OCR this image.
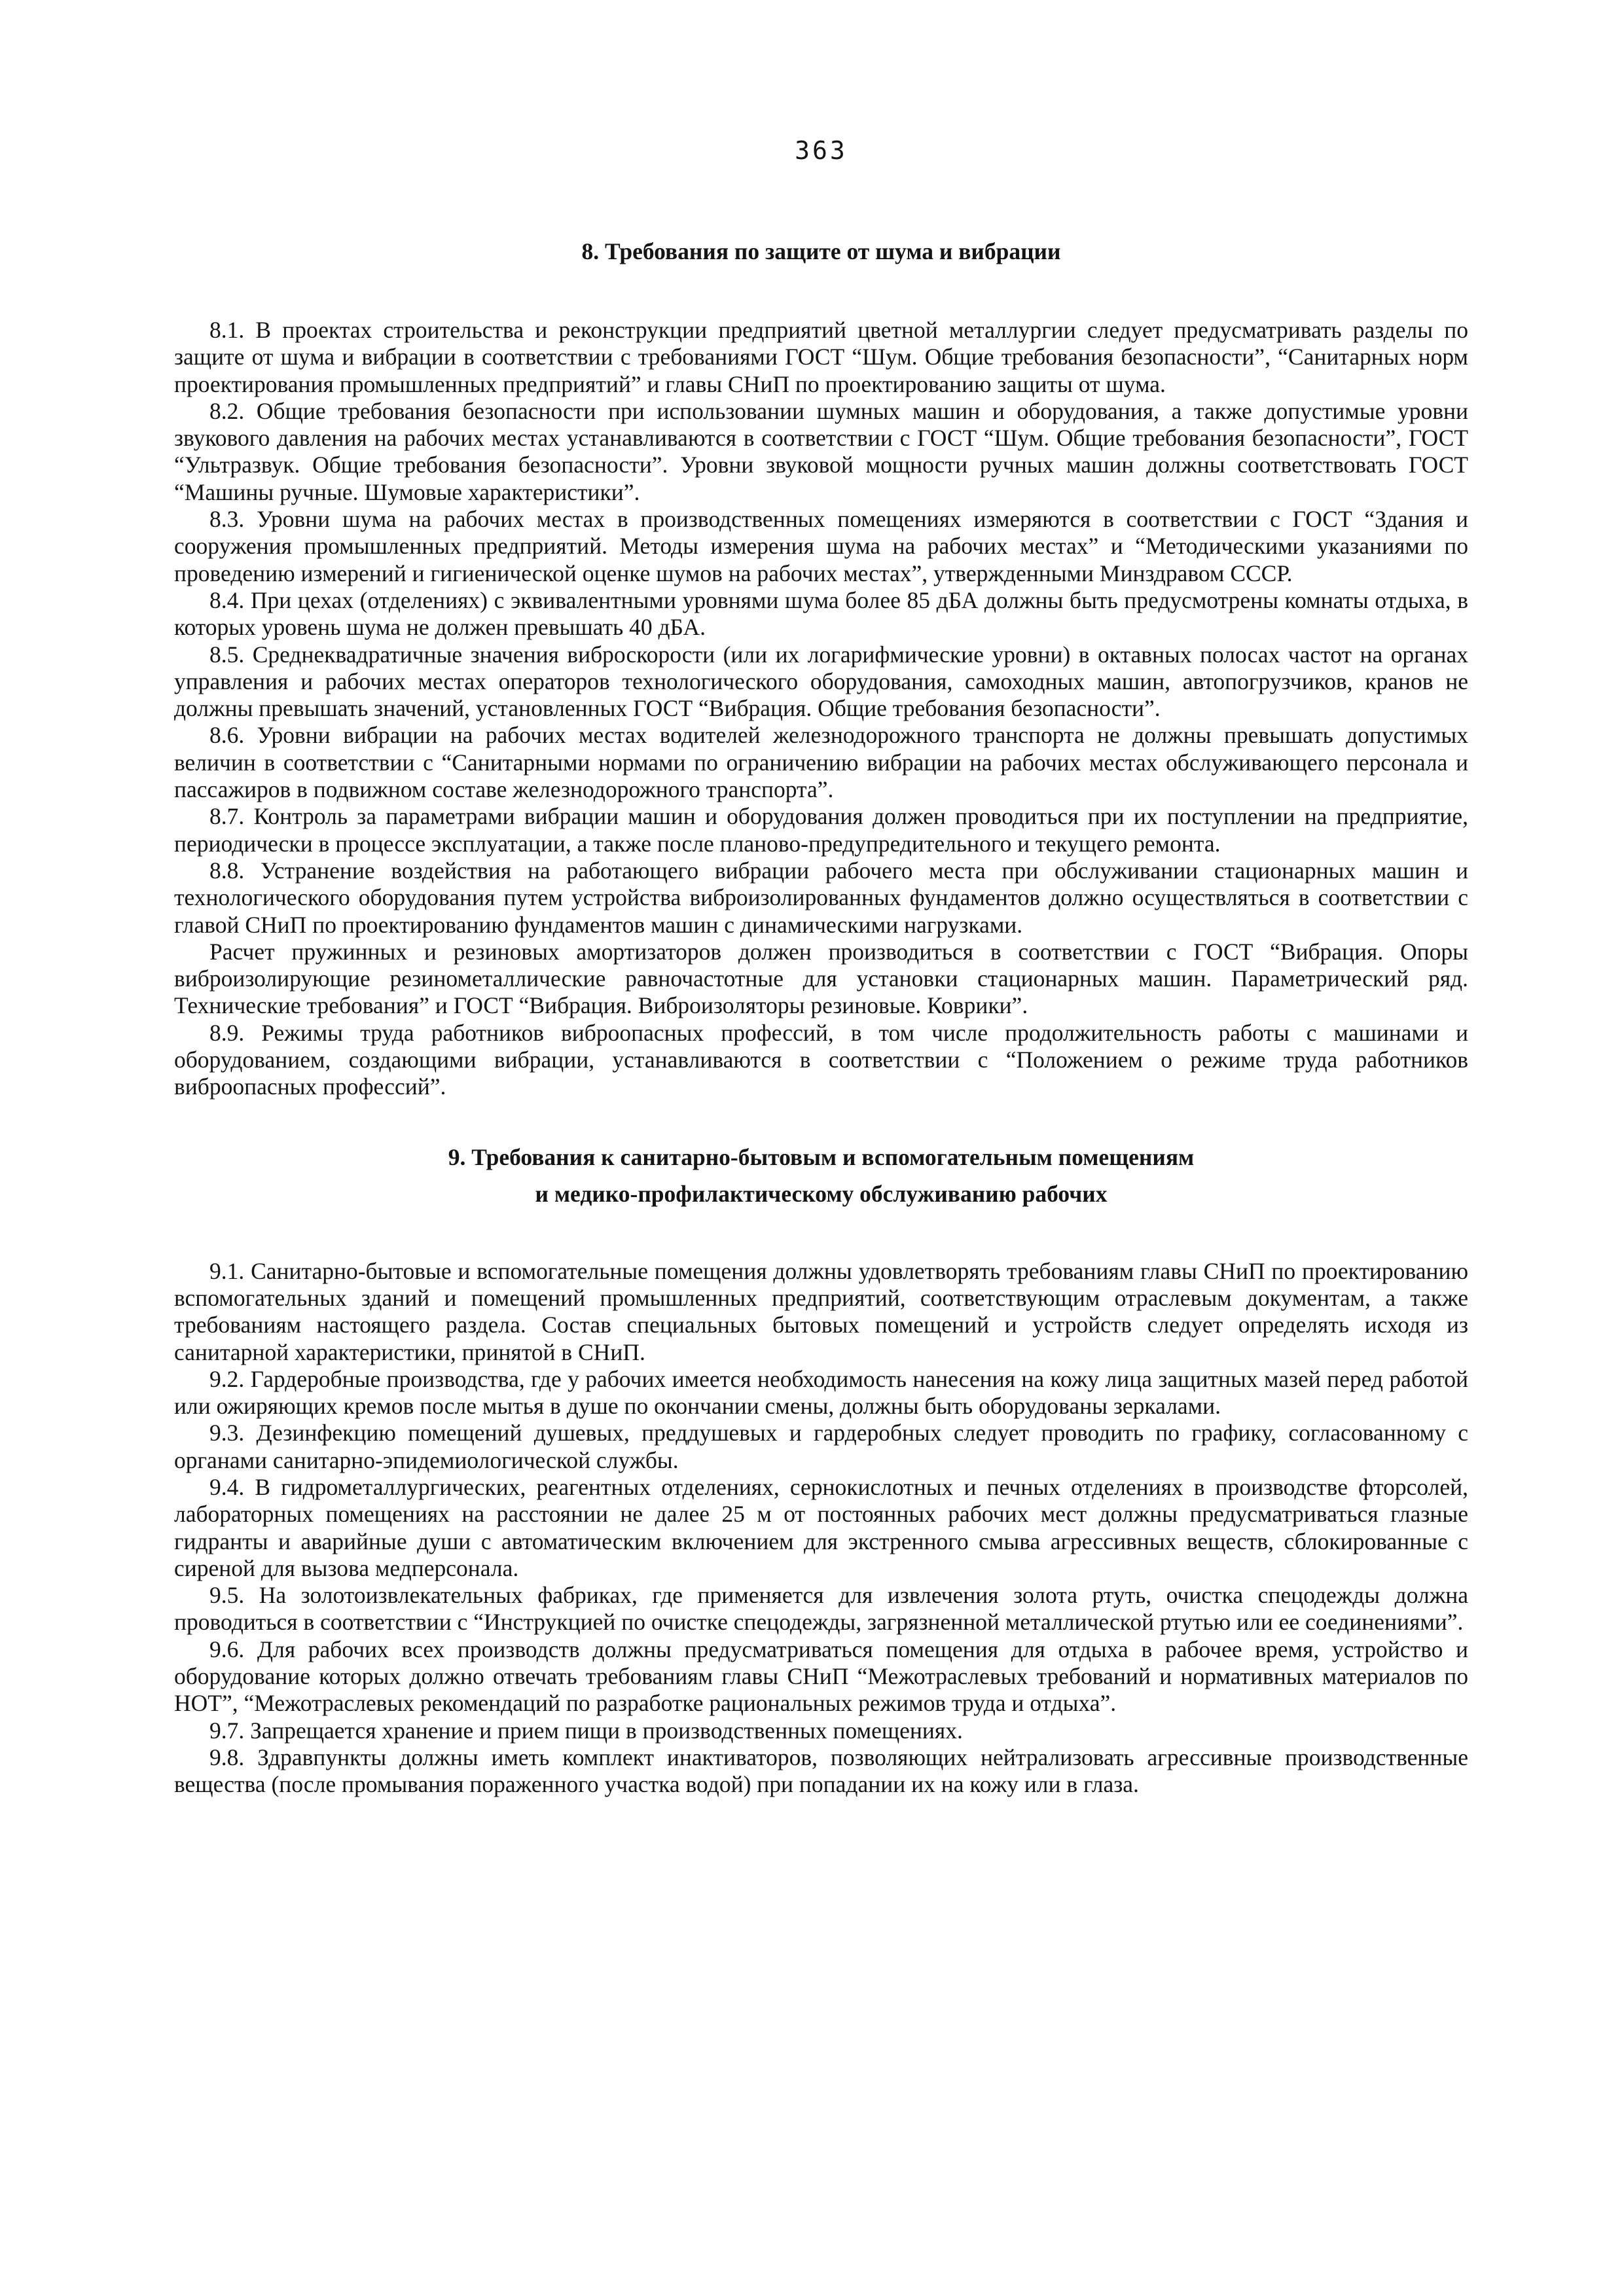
363
8. Требования по защите от шума и вибрации

8.1. В проектах строительства и реконструкции предприятий цветной металлургии следует предусматривать разделы по защите от шума и вибрации в соответствии с требованиями ГОСТ “Шум. Общие требования безопасности”, “Санитарных норм проектирования промышленных предприятий” и главы СНиП по проектированию защиты от шума.

8.2. Общие требования безопасности при использовании шумных машин и оборудования, а также допустимые уровни звукового давления на рабочих местах устанавливаются в соответствии с ГОСТ “Шум. Общие требования безопасности”, ГОСТ “Ультразвук. Общие требования безопасности”. Уровни звуковой мощности ручных машин должны соответствовать ГОСТ “Машины ручные. Шумовые характеристики”.

8.3. Уровни шума на рабочих местах в производственных помещениях измеряются в соответствии с ГОСТ “Здания и сооружения промышленных предприятий. Методы измерения шума на рабочих местах” и “Методическими указаниями по проведению измерений и гигиенической оценке шумов на рабочих местах”, утвержденными Минздравом СССР.

8.4. При цехах (отделениях) с эквивалентными уровнями шума более 85 дБА должны быть предусмотрены комнаты отдыха, в которых уровень шума не должен превышать 40 дБА.

8.5. Среднеквадратичные значения виброскорости (или их логарифмические уровни) в октавных полосах частот на органах управления и рабочих местах операторов технологического оборудования, самоходных машин, автопогрузчиков, кранов не должны превышать значений, установленных ГОСТ “Вибрация. Общие требования безопасности”.

8.6. Уровни вибрации на рабочих местах водителей железнодорожного транспорта не должны превышать допустимых величин в соответствии с “Санитарными нормами по ограничению вибрации на рабочих местах обслуживающего персонала и пассажиров в подвижном составе железнодорожного транспорта”.

8.7. Контроль за параметрами вибрации машин и оборудования должен проводиться при их поступлении на предприятие, периодически в процессе эксплуатации, а также после планово-предупредительного и текущего ремонта.

8.8. Устранение воздействия на работающего вибрации рабочего места при обслуживании стационарных машин и технологического оборудования путем устройства виброизолированных фундаментов должно осуществляться в соответствии с главой СНиП по проектированию фундаментов машин с динамическими нагрузками.

Расчет пружинных и резиновых амортизаторов должен производиться в соответствии с ГОСТ “Вибрация. Опоры виброизолирующие резинометаллические равночастотные для установки стационарных машин. Параметрический ряд. Технические требования” и ГОСТ “Вибрация. Виброизоляторы резиновые. Коврики”.

8.9. Режимы труда работников виброопасных профессий, в том числе продолжительность работы с машинами и оборудованием, создающими вибрации, устанавливаются в соответствии с “Положением о режиме труда работников виброопасных профессий”.

9. Требования к санитарно-бытовым и вспомогательным помещениям
и медико-профилактическому обслуживанию рабочих

9.1. Санитарно-бытовые и вспомогательные помещения должны удовлетворять требованиям главы СНиП по проектированию вспомогательных зданий и помещений промышленных предприятий, соответствующим отраслевым документам, а также требованиям настоящего раздела. Состав специальных бытовых помещений и устройств следует определять исходя из санитарной характеристики, принятой в СНиП.

9.2. Гардеробные производства, где у рабочих имеется необходимость нанесения на кожу лица защитных мазей перед работой или ожиряющих кремов после мытья в душе по окончании смены, должны быть оборудованы зеркалами.

9.3. Дезинфекцию помещений душевых, преддушевых и гардеробных следует проводить по графику, согласованному с органами санитарно-эпидемиологической службы.

9.4. В гидрометаллургических, реагентных отделениях, сернокислотных и печных отделениях в производстве фторсолей, лабораторных помещениях на расстоянии не далее 25 м от постоянных рабочих мест должны предусматриваться глазные гидранты и аварийные души с автоматическим включением для экстренного смыва агрессивных веществ, сблокированные с сиреной для вызова медперсонала.

9.5. На золотоизвлекательных фабриках, где применяется для извлечения золота ртуть, очистка спецодежды должна проводиться в соответствии с “Инструкцией по очистке спецодежды, загрязненной металлической ртутью или ее соединениями”.

9.6. Для рабочих всех производств должны предусматриваться помещения для отдыха в рабочее время, устройство и оборудование которых должно отвечать требованиям главы СНиП “Межотраслевых требований и нормативных материалов по НОТ”, “Межотраслевых рекомендаций по разработке рациональных режимов труда и отдыха”.

9.7. Запрещается хранение и прием пищи в производственных помещениях.

9.8. Здравпункты должны иметь комплект инактиваторов, позволяющих нейтрализовать агрессивные производственные вещества (после промывания пораженного участка водой) при попадании их на кожу или в глаза.
